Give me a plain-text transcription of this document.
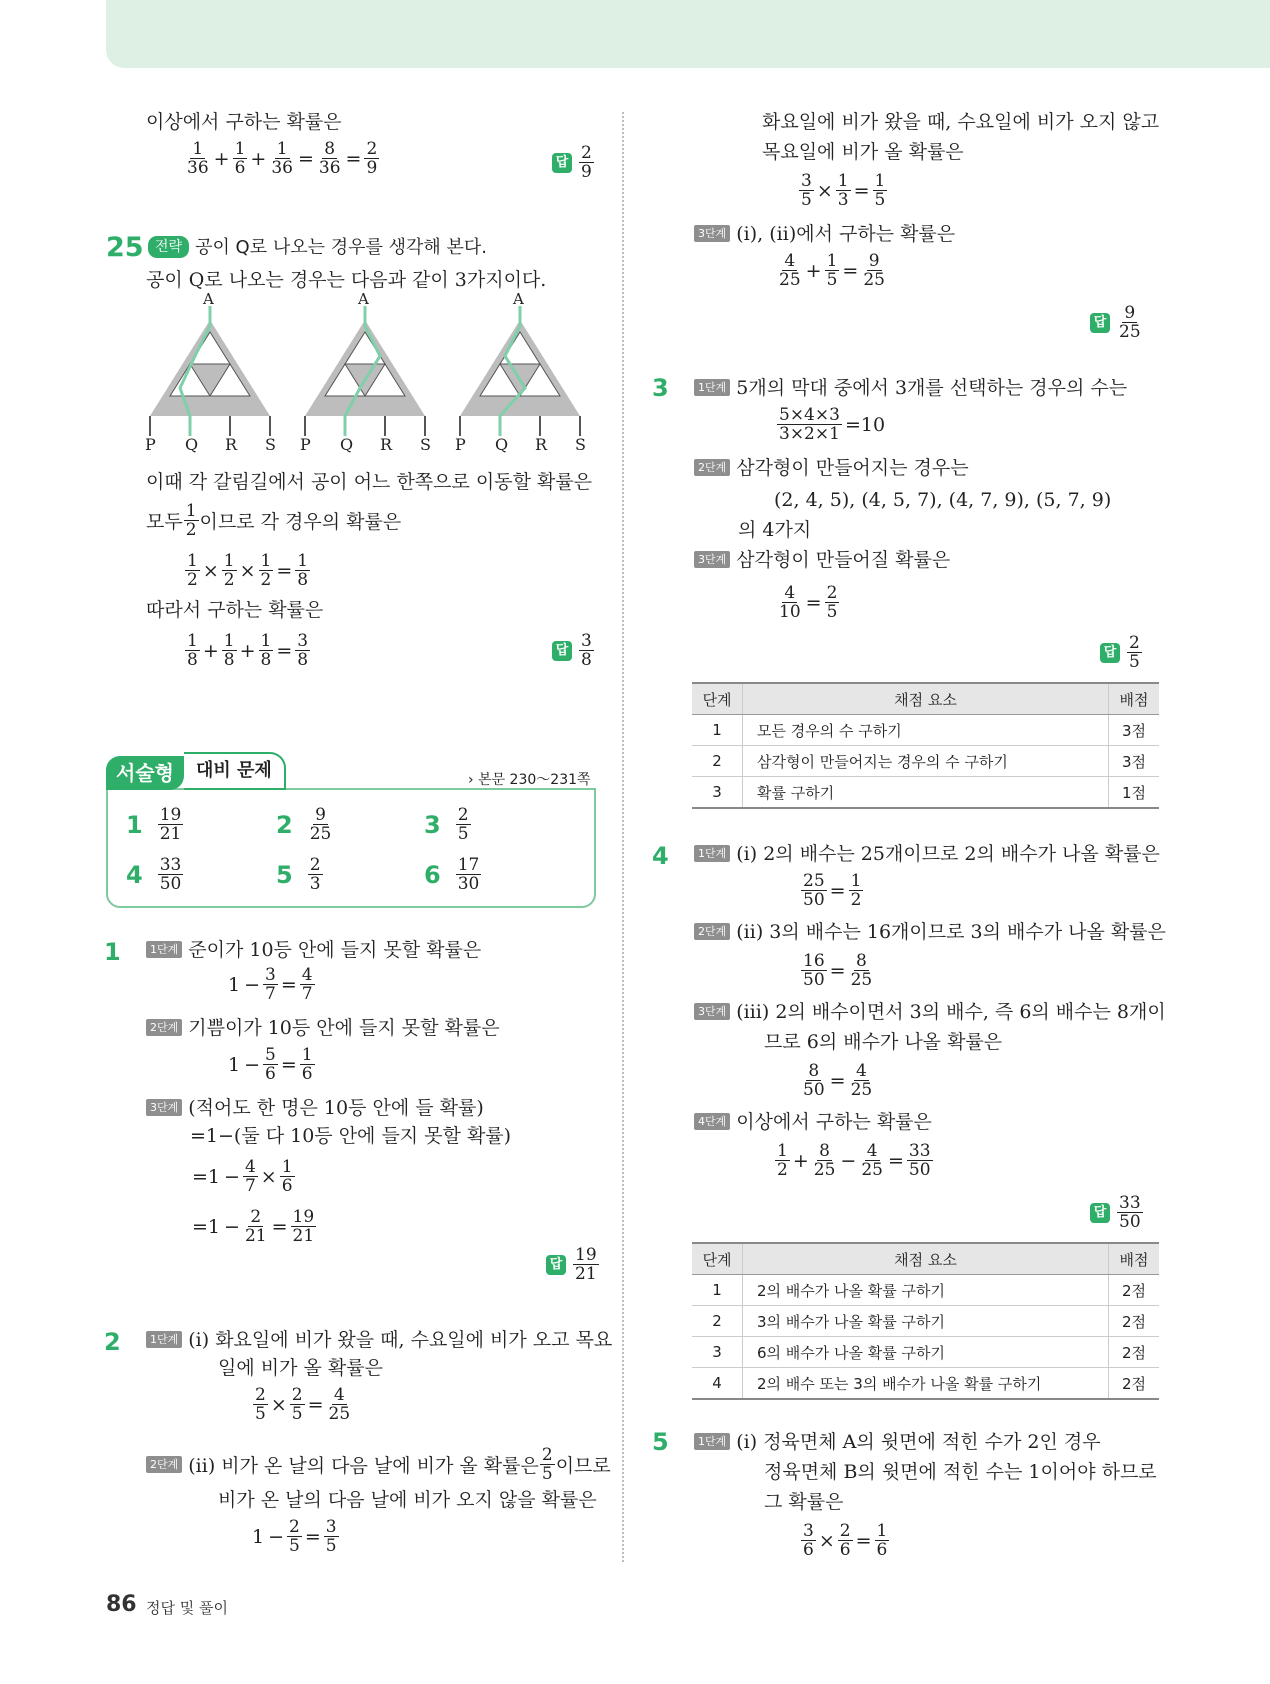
이상에서 구하는 확률은
$\frac{1}{36} + \frac{1}{6} + \frac{1}{36} = \frac{8}{36} = \frac{2}{9}$	답 $\frac{2}{9}$
25 전략 공이 Q로 나오는 경우를 생각해 본다.
공이 Q로 나오는 경우는 다음과 같이 3가지이다.
A	A	A
이때 각 갈림길에서 공이 어느 한쪽으로 이동할 확률은
모두 $\frac{1}{2}$ 이므로 각 경우의 확률은
$\frac{1}{2} \times \frac{1}{2} \times \frac{1}{2} = \frac{1}{8}$
따라서 구하는 확률은
$\frac{1}{8} + \frac{1}{8} + \frac{1}{8} = \frac{3}{8}$	답 $\frac{3}{8}$
서술형	대비 문제	› 본문 230～231쪽
1	1단계 준이가 10등 안에 들지 못할 확률은
$1 - \frac{3}{7} = \frac{4}{7}$
2단계 기쁨이가 10등 안에 들지 못할 확률은
$1 - \frac{5}{6} = \frac{1}{6}$
3단계 (적어도 한 명은 10등 안에 들 확률)
=1−(둘 다 10등 안에 들지 못할 확률)
$=1 - \frac{4}{7} \times \frac{1}{6}$
$=1 - \frac{2}{21} = \frac{19}{21}$
답 $\frac{19}{21}$
2	1단계 (ⅰ) 화요일에 비가 왔을 때, 수요일에 비가 오고 목요
일에 비가 올 확률은
$\frac{2}{5} \times \frac{2}{5} = \frac{4}{25}$
2단계 (ⅱ) 비가 온 날의 다음 날에 비가 올 확률은 $\frac{2}{5}$ 이므로
비가 온 날의 다음 날에 비가 오지 않을 확률은
$1 - \frac{2}{5} = \frac{3}{5}$
화요일에 비가 왔을 때, 수요일에 비가 오지 않고
목요일에 비가 올 확률은
$\frac{3}{5} \times \frac{1}{3} = \frac{1}{5}$
3단계 (ⅰ), (ⅱ)에서 구하는 확률은
$\frac{4}{25} + \frac{1}{5} = \frac{9}{25}$
답 $\frac{9}{25}$
3	1단계 5개의 막대 중에서 3개를 선택하는 경우의 수는
$\frac{5\times 4\times 3}{3\times 2\times 1} =10$
2단계 삼각형이 만들어지는 경우는
(2, 4, 5), (4, 5, 7), (4, 7, 9), (5, 7, 9)
의 4가지
3단계 삼각형이 만들어질 확률은
$\frac{4}{10} = \frac{2}{5}$
답 $\frac{2}{5}$
단계	채점 요소	배점
1	모든 경우의 수 구하기	3점
2	삼각형이 만들어지는 경우의 수 구하기	3점
3	확률 구하기	1점
4	1단계 (ⅰ) 2의 배수는 25개이므로 2의 배수가 나올 확률은
$\frac{25}{50} = \frac{1}{2}$
2단계 (ⅱ) 3의 배수는 16개이므로 3의 배수가 나올 확률은
$\frac{16}{50} = \frac{8}{25}$
3단계 (ⅲ) 2의 배수이면서 3의 배수, 즉 6의 배수는 8개이
므로 6의 배수가 나올 확률은
$\frac{8}{50} = \frac{4}{25}$
4단계 이상에서 구하는 확률은
$\frac{1}{2} + \frac{8}{25} - \frac{4}{25} = \frac{33}{50}$
답 $\frac{33}{50}$
단계	채점 요소	배점
1	2의 배수가 나올 확률 구하기	2점
2	3의 배수가 나올 확률 구하기	2점
3	6의 배수가 나올 확률 구하기	2점
4	2의 배수 또는 3의 배수가 나올 확률 구하기	2점
5	1단계 (ⅰ) 정육면체 A의 윗면에 적힌 수가 2인 경우
정육면체 B의 윗면에 적힌 수는 1이어야 하므로
그 확률은
$\frac{3}{6} \times \frac{2}{6} = \frac{1}{6}$
86 정답 및 풀이
$1 \frac{19}{21}$	$2 \frac{9}{25}$	$3 \frac{2}{5}$
$4 \frac{33}{50}$	$5 \frac{2}{3}$	$6 \frac{17}{30}$
P Q R S P Q R S P Q R S
